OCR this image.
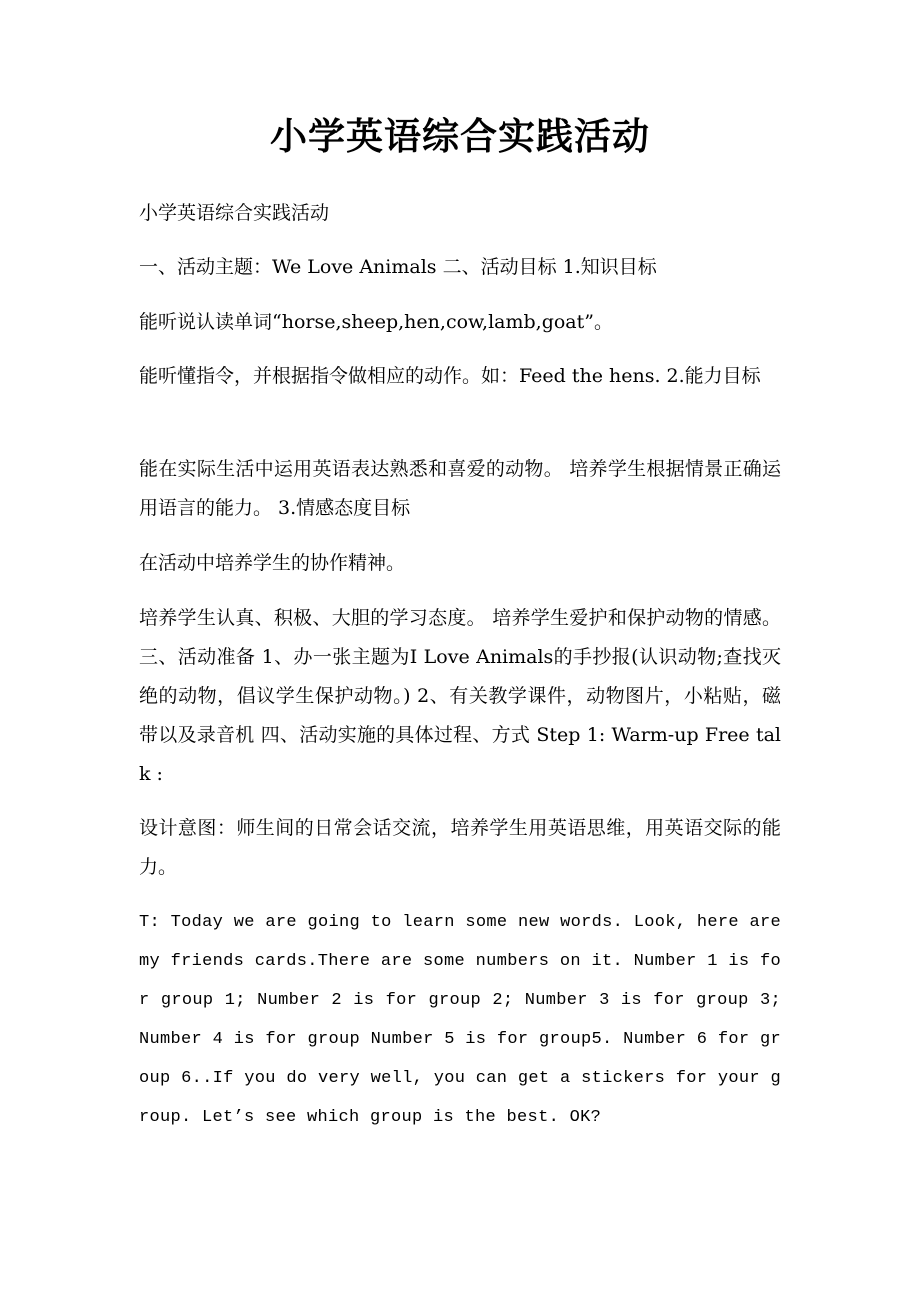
小学英语综合实践活动

小学英语综合实践活动

一、活动主题：We Love Animals 二、活动目标 1.知识目标

能听说认读单词“horse,sheep,hen,cow,lamb,goat”。

能听懂指令，并根据指令做相应的动作。如：Feed the hens. 2.能力目标

能在实际生活中运用英语表达熟悉和喜爱的动物。 培养学生根据情景正确运用语言的能力。 3.情感态度目标

在活动中培养学生的协作精神。

培养学生认真、积极、大胆的学习态度。 培养学生爱护和保护动物的情感。 三、活动准备 1、办一张主题为I Love Animals的手抄报(认识动物;查找灭绝的动物，倡议学生保护动物。) 2、有关教学课件，动物图片，小粘贴，磁带以及录音机 四、活动实施的具体过程、方式 Step 1: Warm-up Free talk :

设计意图：师生间的日常会话交流，培养学生用英语思维，用英语交际的能力。

T: Today we are going to learn some new words. Look, here are my friends cards.There are some numbers on it. Number 1 is for group 1; Number 2 is for group 2; Number 3 is for group 3; Number 4 is for group Number 5 is for group5. Number 6 for group 6..If you do very well, you can get a stickers for your group. Let’s see which group is the best. OK?
